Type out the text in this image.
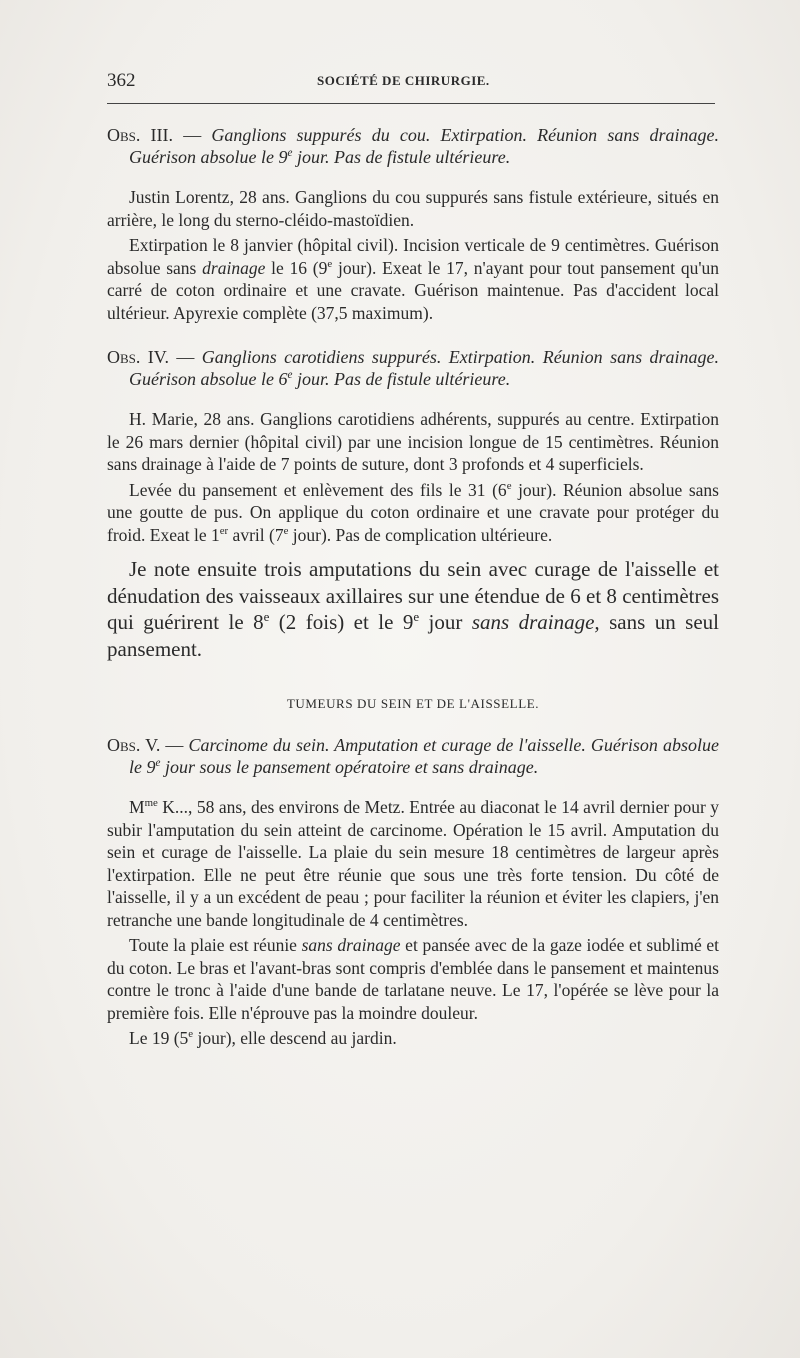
362	SOCIÉTÉ DE CHIRURGIE.

Obs. III. — Ganglions suppurés du cou. Extirpation. Réunion sans drainage. Guérison absolue le 9e jour. Pas de fistule ultérieure.

Justin Lorentz, 28 ans. Ganglions du cou suppurés sans fistule extérieure, situés en arrière, le long du sterno-cléido-mastoïdien.

Extirpation le 8 janvier (hôpital civil). Incision verticale de 9 centimètres. Guérison absolue sans drainage le 16 (9e jour). Exeat le 17, n'ayant pour tout pansement qu'un carré de coton ordinaire et une cravate. Guérison maintenue. Pas d'accident local ultérieur. Apyrexie complète (37,5 maximum).

Obs. IV. — Ganglions carotidiens suppurés. Extirpation. Réunion sans drainage. Guérison absolue le 6e jour. Pas de fistule ultérieure.

H. Marie, 28 ans. Ganglions carotidiens adhérents, suppurés au centre. Extirpation le 26 mars dernier (hôpital civil) par une incision longue de 15 centimètres. Réunion sans drainage à l'aide de 7 points de suture, dont 3 profonds et 4 superficiels.

Levée du pansement et enlèvement des fils le 31 (6e jour). Réunion absolue sans une goutte de pus. On applique du coton ordinaire et une cravate pour protéger du froid. Exeat le 1er avril (7e jour). Pas de complication ultérieure.

Je note ensuite trois amputations du sein avec curage de l'aisselle et dénudation des vaisseaux axillaires sur une étendue de 6 et 8 centimètres qui guérirent le 8e (2 fois) et le 9e jour sans drainage, sans un seul pansement.

TUMEURS DU SEIN ET DE L'AISSELLE.

Obs. V. — Carcinome du sein. Amputation et curage de l'aisselle. Guérison absolue le 9e jour sous le pansement opératoire et sans drainage.

$M^{me}$ K..., 58 ans, des environs de Metz. Entrée au diaconat le 14 avril dernier pour y subir l'amputation du sein atteint de carcinome. Opération le 15 avril. Amputation du sein et curage de l'aisselle. La plaie du sein mesure 18 centimètres de largeur après l'extirpation. Elle ne peut être réunie que sous une très forte tension. Du côté de l'aisselle, il y a un excédent de peau ; pour faciliter la réunion et éviter les clapiers, j'en retranche une bande longitudinale de 4 centimètres.

Toute la plaie est réunie sans drainage et pansée avec de la gaze iodée et sublimé et du coton. Le bras et l'avant-bras sont compris d'emblée dans le pansement et maintenus contre le tronc à l'aide d'une bande de tarlatane neuve. Le 17, l'opérée se lève pour la première fois. Elle n'éprouve pas la moindre douleur.

Le 19 (5e jour), elle descend au jardin.
